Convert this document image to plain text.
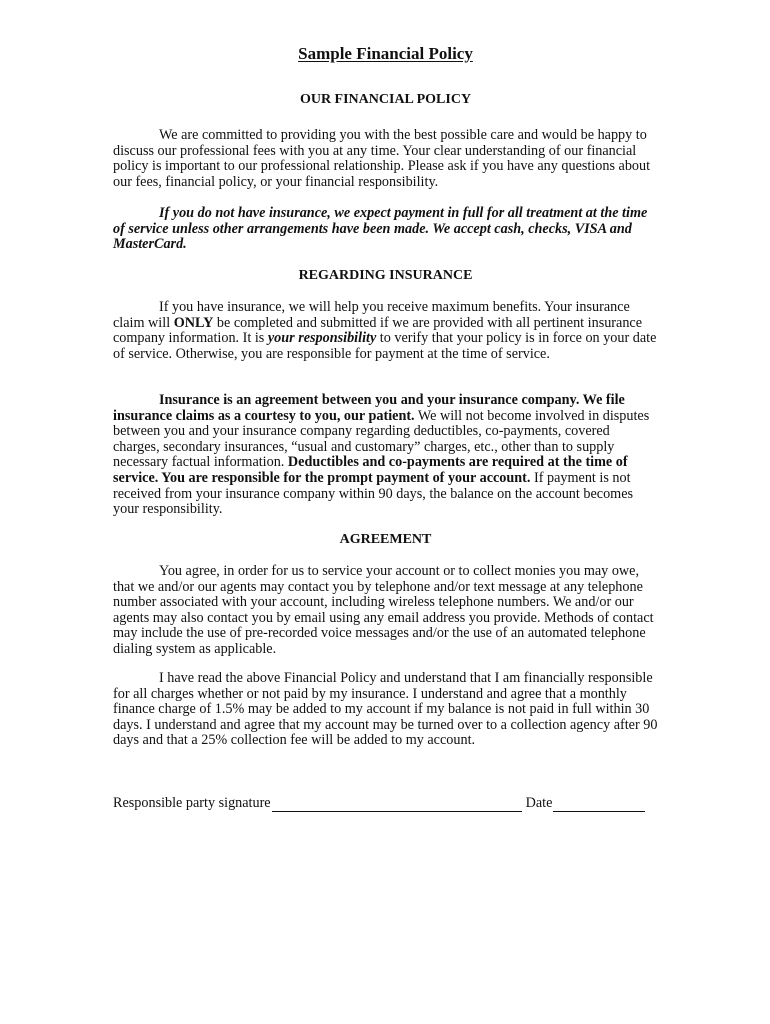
Sample Financial Policy
OUR FINANCIAL POLICY

We are committed to providing you with the best possible care and would be happy to discuss our professional fees with you at any time. Your clear understanding of our financial policy is important to our professional relationship. Please ask if you have any questions about our fees, financial policy, or your financial responsibility.

If you do not have insurance, we expect payment in full for all treatment at the time of service unless other arrangements have been made. We accept cash, checks, VISA and MasterCard.

REGARDING INSURANCE

If you have insurance, we will help you receive maximum benefits. Your insurance claim will ONLY be completed and submitted if we are provided with all pertinent insurance company information. It is your responsibility to verify that your policy is in force on your date of service. Otherwise, you are responsible for payment at the time of service.

Insurance is an agreement between you and your insurance company. We file insurance claims as a courtesy to you, our patient. We will not become involved in disputes between you and your insurance company regarding deductibles, co-payments, covered charges, secondary insurances, “usual and customary” charges, etc., other than to supply necessary factual information. Deductibles and co-payments are required at the time of service. You are responsible for the prompt payment of your account. If payment is not received from your insurance company within 90 days, the balance on the account becomes your responsibility.

AGREEMENT

You agree, in order for us to service your account or to collect monies you may owe, that we and/or our agents may contact you by telephone and/or text message at any telephone number associated with your account, including wireless telephone numbers. We and/or our agents may also contact you by email using any email address you provide. Methods of contact may include the use of pre-recorded voice messages and/or the use of an automated telephone dialing system as applicable.

I have read the above Financial Policy and understand that I am financially responsible for all charges whether or not paid by my insurance. I understand and agree that a monthly finance charge of 1.5% may be added to my account if my balance is not paid in full within 30 days. I understand and agree that my account may be turned over to a collection agency after 90 days and that a 25% collection fee will be added to my account.

Responsible party signature	Date
